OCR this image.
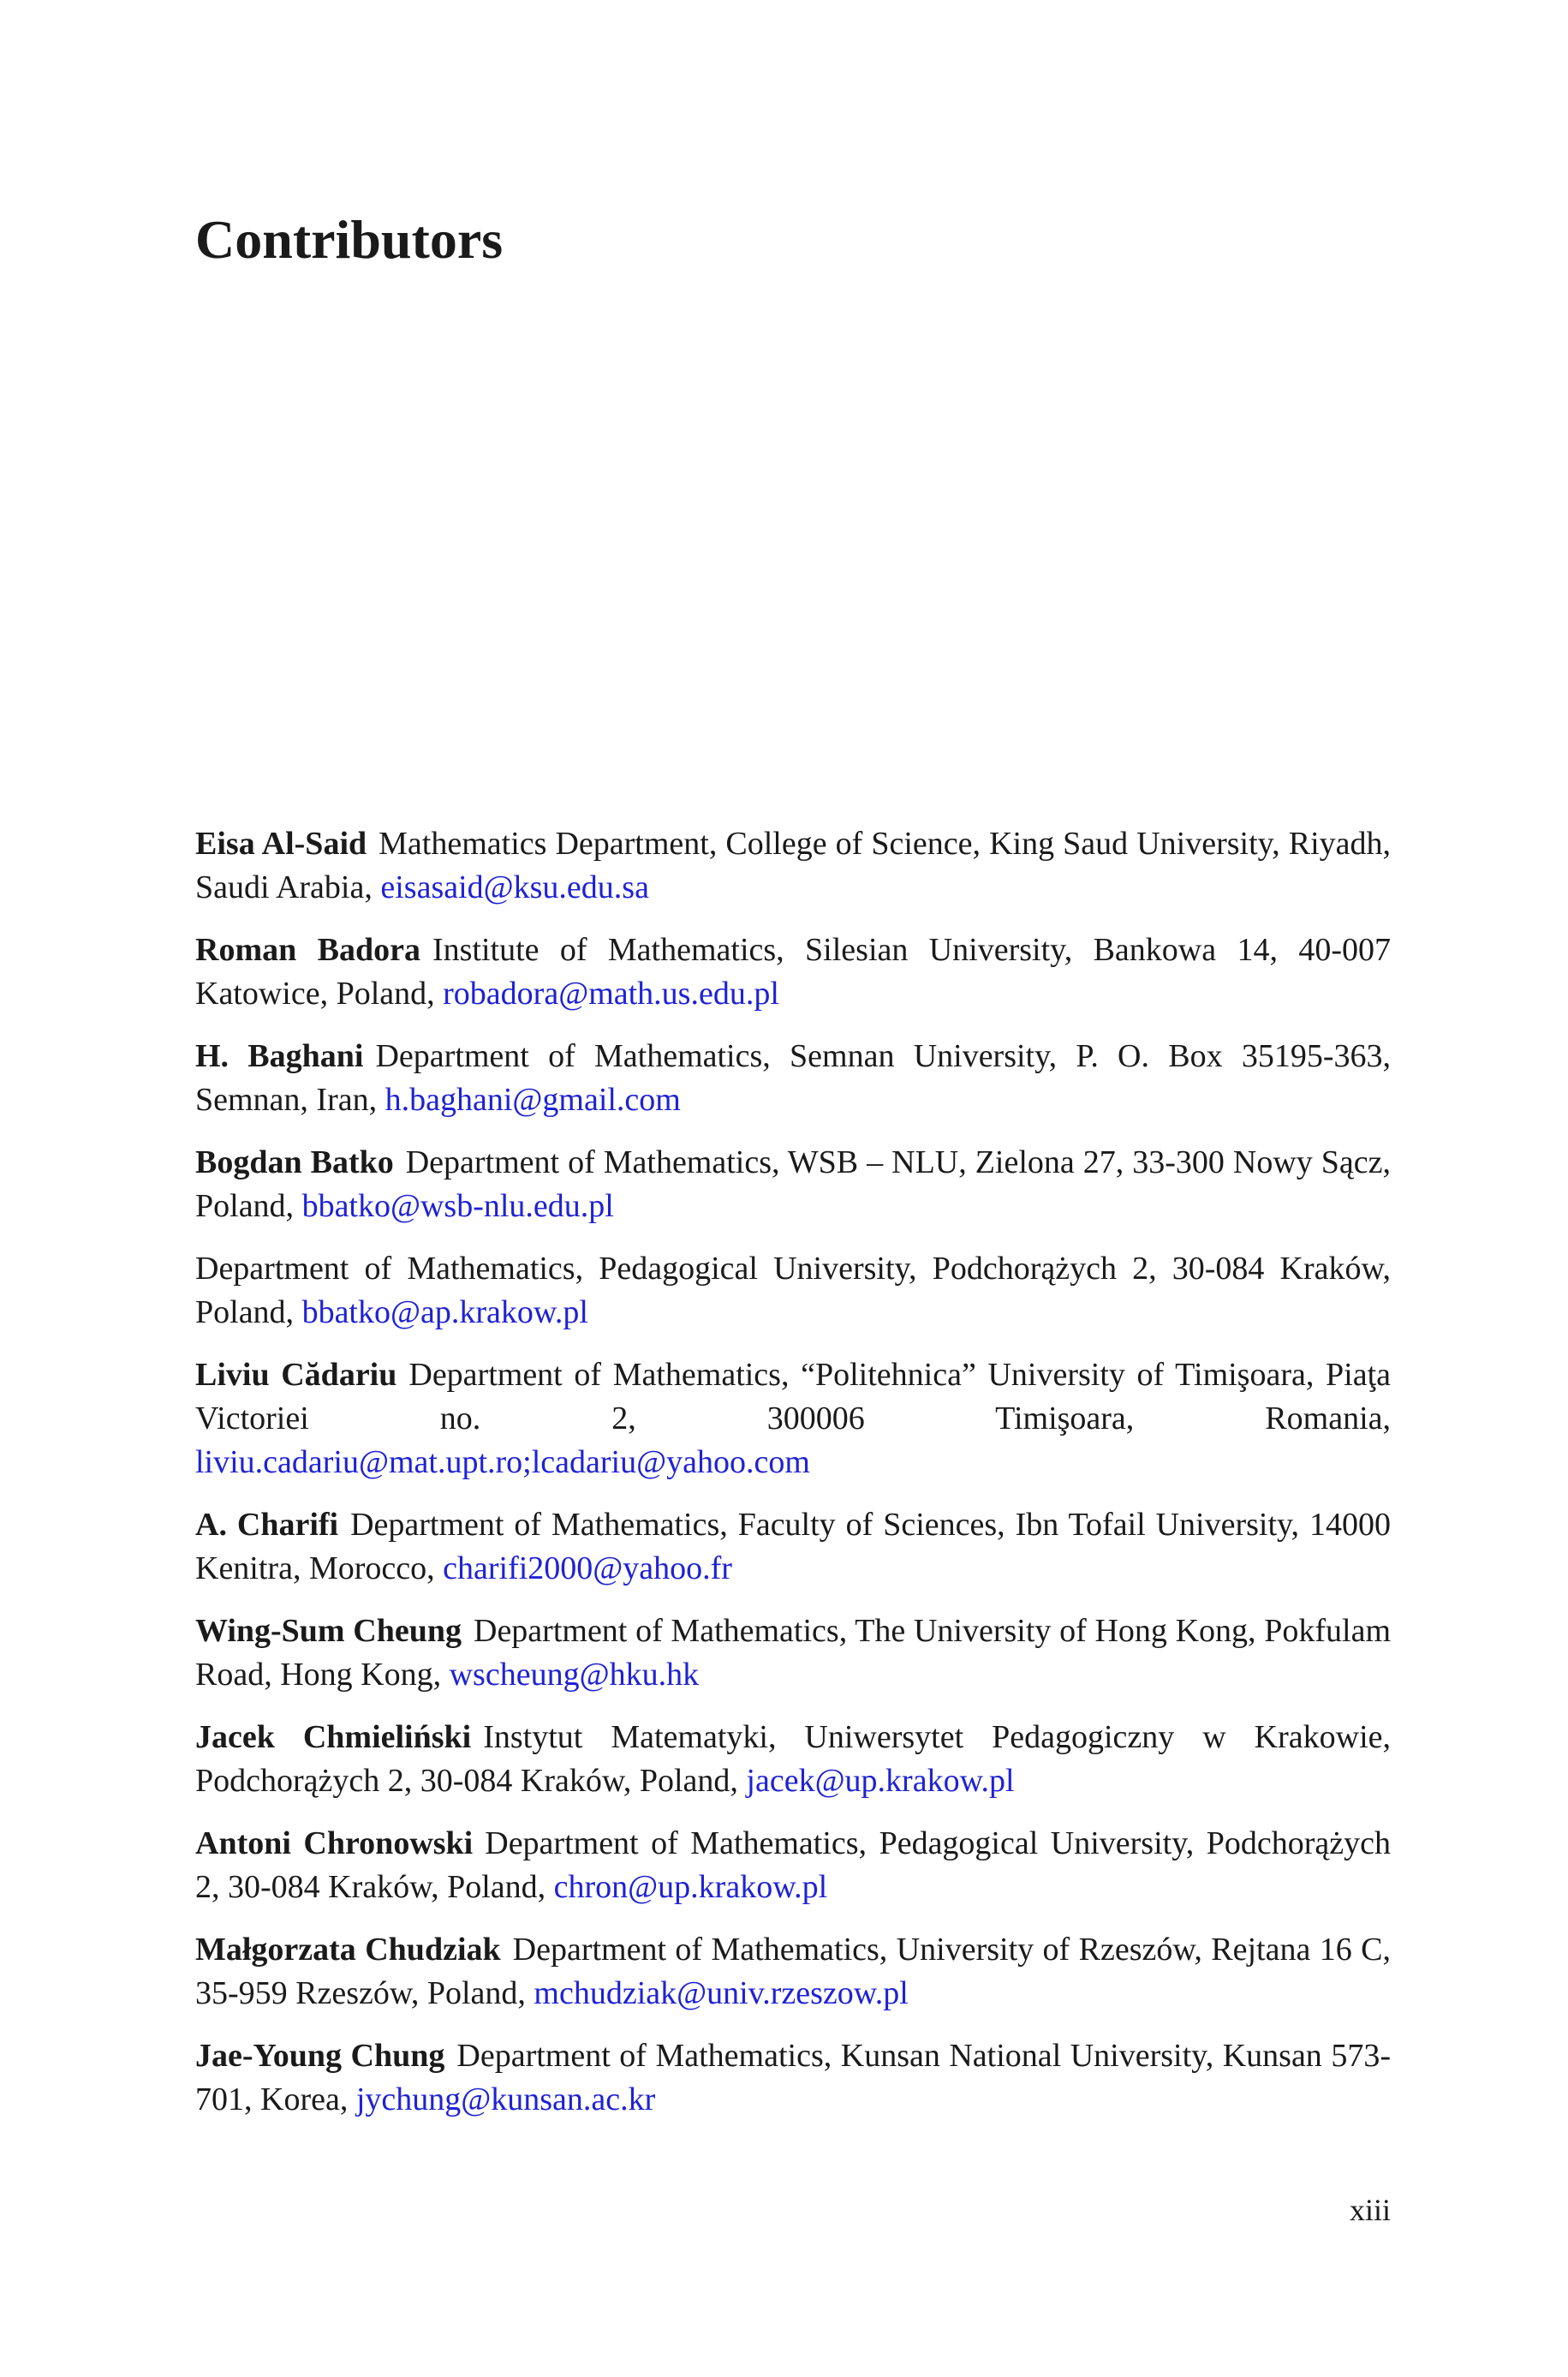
Contributors

Eisa Al-Said Mathematics Department, College of Science, King Saud University, Riyadh, Saudi Arabia, eisasaid@ksu.edu.sa

Roman Badora Institute of Mathematics, Silesian University, Bankowa 14, 40-007 Katowice, Poland, robadora@math.us.edu.pl

H. Baghani Department of Mathematics, Semnan University, P. O. Box 35195-363, Semnan, Iran, h.baghani@gmail.com

Bogdan Batko Department of Mathematics, WSB – NLU, Zielona 27, 33-300 Nowy Sącz, Poland, bbatko@wsb-nlu.edu.pl

Department of Mathematics, Pedagogical University, Podchorążych 2, 30-084 Kraków, Poland, bbatko@ap.krakow.pl

Liviu Cădariu Department of Mathematics, “Politehnica” University of Timişoara, Piaţa Victoriei no. 2, 300006 Timişoara, Romania, liviu.cadariu@mat.upt.ro;lcadariu@yahoo.com

A. Charifi Department of Mathematics, Faculty of Sciences, Ibn Tofail University, 14000 Kenitra, Morocco, charifi2000@yahoo.fr

Wing-Sum Cheung Department of Mathematics, The University of Hong Kong, Pokfulam Road, Hong Kong, wscheung@hku.hk

Jacek Chmieliński Instytut Matematyki, Uniwersytet Pedagogiczny w Krakowie, Podchorążych 2, 30-084 Kraków, Poland, jacek@up.krakow.pl

Antoni Chronowski Department of Mathematics, Pedagogical University, Podchorążych 2, 30-084 Kraków, Poland, chron@up.krakow.pl

Małgorzata Chudziak Department of Mathematics, University of Rzeszów, Rejtana 16 C, 35-959 Rzeszów, Poland, mchudziak@univ.rzeszow.pl

Jae-Young Chung Department of Mathematics, Kunsan National University, Kunsan 573-701, Korea, jychung@kunsan.ac.kr

xiii
